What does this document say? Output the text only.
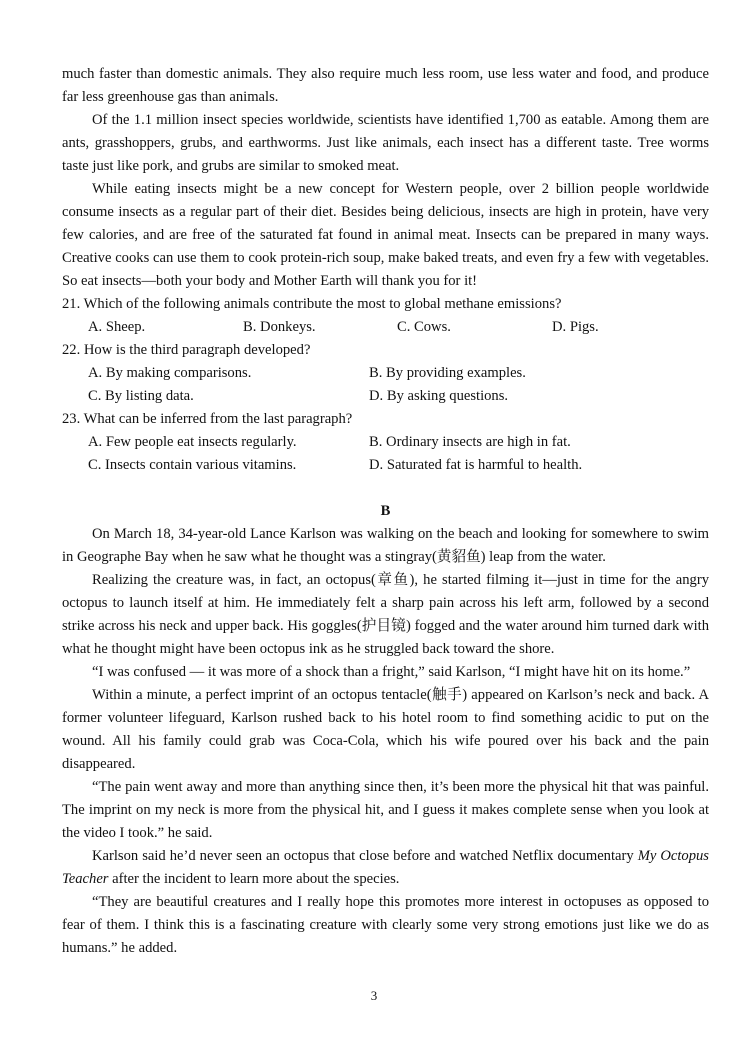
much faster than domestic animals. They also require much less room, use less water and food, and produce far less greenhouse gas than animals.

Of the 1.1 million insect species worldwide, scientists have identified 1,700 as eatable. Among them are ants, grasshoppers, grubs, and earthworms. Just like animals, each insect has a different taste. Tree worms taste just like pork, and grubs are similar to smoked meat.

While eating insects might be a new concept for Western people, over 2 billion people worldwide consume insects as a regular part of their diet. Besides being delicious, insects are high in protein, have very few calories, and are free of the saturated fat found in animal meat. Insects can be prepared in many ways. Creative cooks can use them to cook protein-rich soup, make baked treats, and even fry a few with vegetables. So eat insects—both your body and Mother Earth will thank you for it!

21. Which of the following animals contribute the most to global methane emissions?
A. Sheep.	B. Donkeys.	C. Cows.	D. Pigs.
22. How is the third paragraph developed?
A. By making comparisons.	B. By providing examples.
C. By listing data.	D. By asking questions.
23. What can be inferred from the last paragraph?
A. Few people eat insects regularly.	B. Ordinary insects are high in fat.
C. Insects contain various vitamins.	D. Saturated fat is harmful to health.
B

On March 18, 34-year-old Lance Karlson was walking on the beach and looking for somewhere to swim in Geographe Bay when he saw what he thought was a stingray(黄貂鱼) leap from the water.

Realizing the creature was, in fact, an octopus(章鱼), he started filming it—just in time for the angry octopus to launch itself at him. He immediately felt a sharp pain across his left arm, followed by a second strike across his neck and upper back. His goggles(护目镜) fogged and the water around him turned dark with what he thought might have been octopus ink as he struggled back toward the shore.

“I was confused — it was more of a shock than a fright,” said Karlson, “I might have hit on its home.”

Within a minute, a perfect imprint of an octopus tentacle(触手) appeared on Karlson’s neck and back. A former volunteer lifeguard, Karlson rushed back to his hotel room to find something acidic to put on the wound. All his family could grab was Coca-Cola, which his wife poured over his back and the pain disappeared.

“The pain went away and more than anything since then, it’s been more the physical hit that was painful. The imprint on my neck is more from the physical hit, and I guess it makes complete sense when you look at the video I took.” he said.

Karlson said he’d never seen an octopus that close before and watched Netflix documentary My Octopus Teacher after the incident to learn more about the species.

“They are beautiful creatures and I really hope this promotes more interest in octopuses as opposed to fear of them. I think this is a fascinating creature with clearly some very strong emotions just like we do as humans.” he added.

3
